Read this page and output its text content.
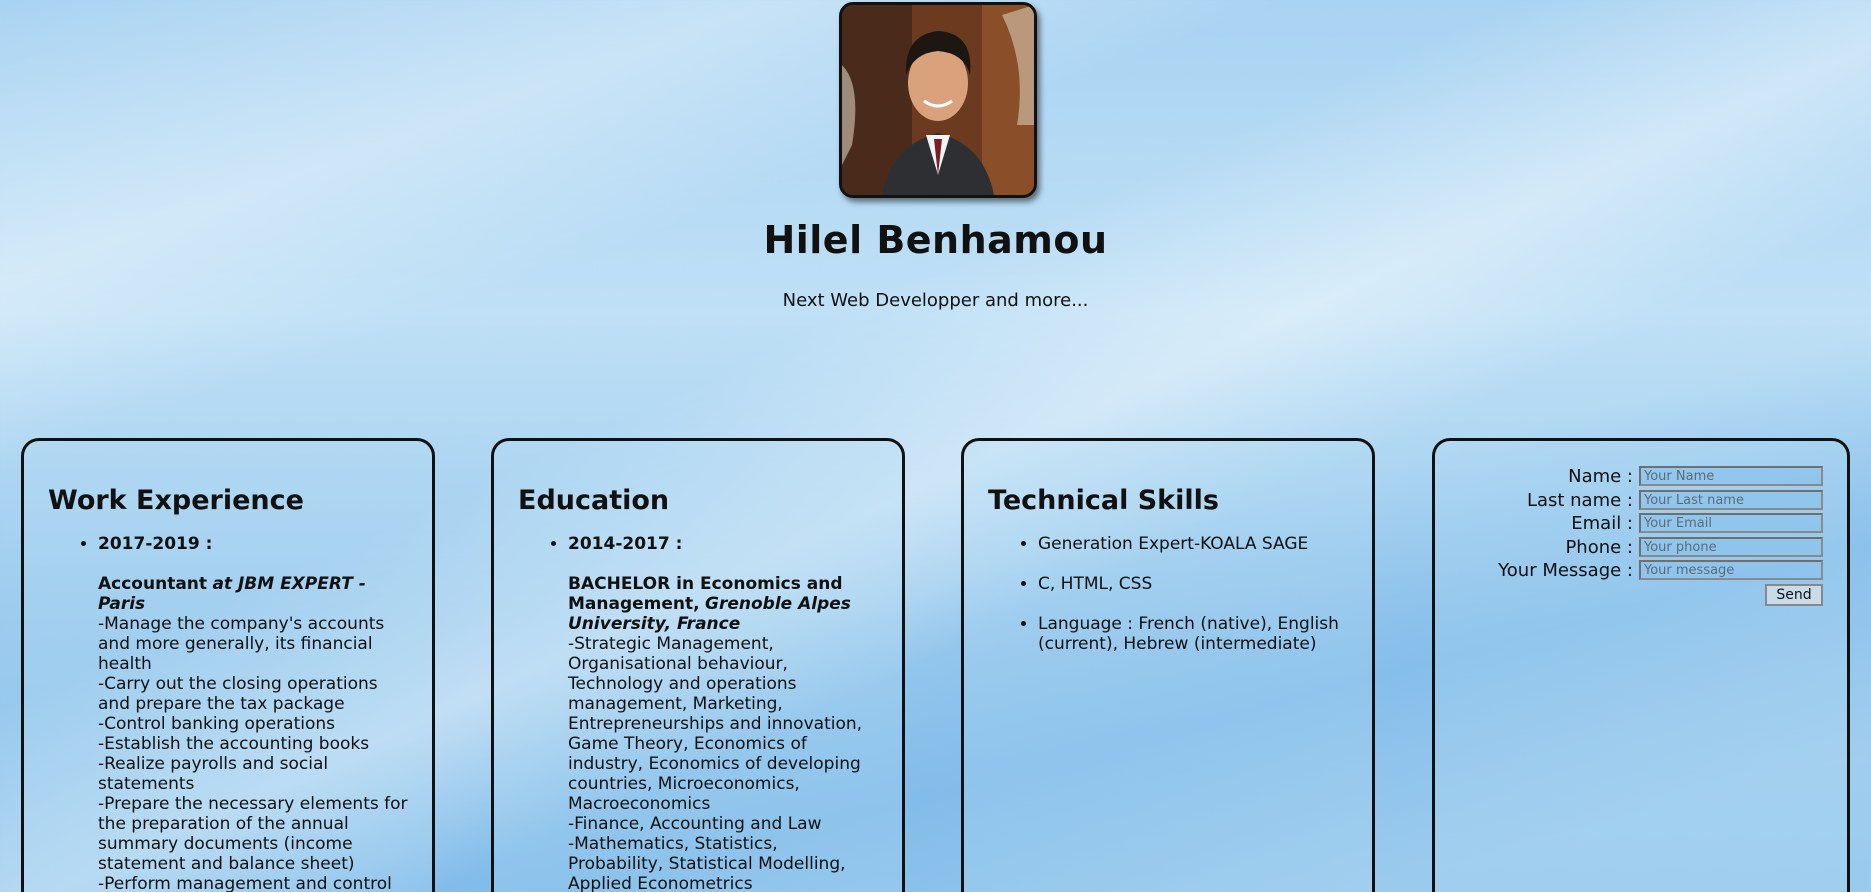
Hilel Benhamou
Next Web Developper and more...
Work Experience
• 2017-2019 :
Accountant at JBM EXPERT - Paris
-Manage the company's accounts and more generally, its financial health
-Carry out the closing operations and prepare the tax package
-Control banking operations
-Establish the accounting books
-Realize payrolls and social statements
-Prepare the necessary elements for the preparation of the annual summary documents (income statement and balance sheet)
-Perform management and control
Education
• 2014-2017 :
BACHELOR in Economics and Management, Grenoble Alpes University, France
-Strategic Management, Organisational behaviour, Technology and operations management, Marketing, Entrepreneurships and innovation, Game Theory, Economics of industry, Economics of developing countries, Microeconomics, Macroeconomics
-Finance, Accounting and Law
-Mathematics, Statistics, Probability, Statistical Modelling, Applied Econometrics
Technical Skills
• Generation Expert-KOALA SAGE
• C, HTML, CSS
• Language : French (native), English (current), Hebrew (intermediate)
Name :
Your Name
Last name :
Your Last name
Email :
Your Email
Phone :
Your phone
Your Message :
Your message
Send
